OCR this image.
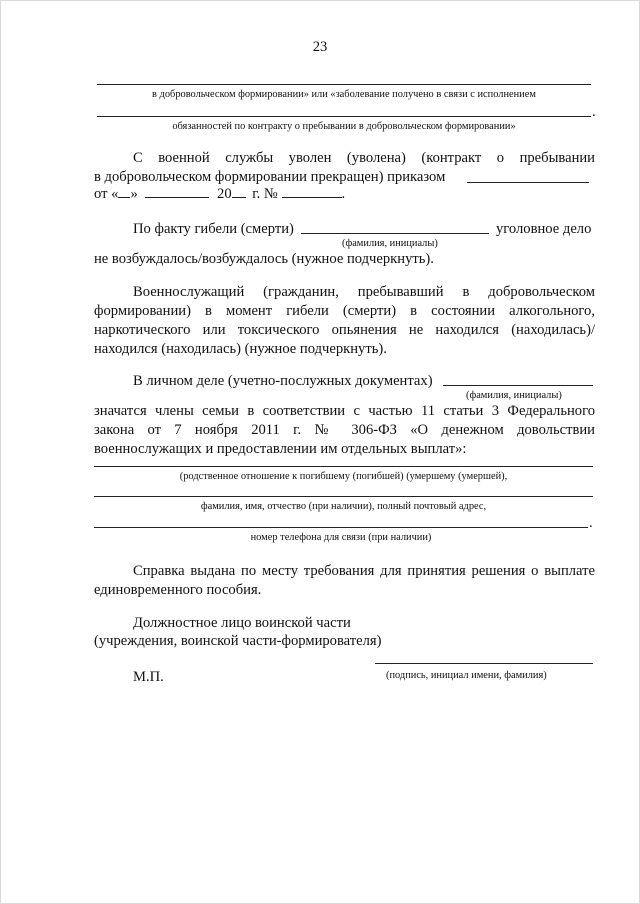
23
в добровольческом формировании» или «заболевание получено в связи с исполнением
.
обязанностей по контракту о пребывании в добровольческом формировании»
С военной службы уволен (уволена) (контракт о пребывании
в добровольческом формировании прекращен) приказом
от « »	20 г. №	.
По факту гибели (смерти)	уголовное дело
(фамилия, инициалы)
не возбуждалось/возбуждалось (нужное подчеркнуть).
Военнослужащий (гражданин, пребывавший в добровольческом
формировании) в момент гибели (смерти) в состоянии алкогольного,
наркотического или токсического опьянения не находился (находилась)/
находился (находилась) (нужное подчеркнуть).
В личном деле (учетно-послужных документах)
(фамилия, инициалы)
значатся члены семьи в соответствии с частью 11 статьи 3 Федерального
закона от 7 ноября 2011 г. № 306-ФЗ «О денежном довольствии
военнослужащих и предоставлении им отдельных выплат»:
(родственное отношение к погибшему (погибшей) (умершему (умершей),
фамилия, имя, отчество (при наличии), полный почтовый адрес,
.
номер телефона для связи (при наличии)
Справка выдана по месту требования для принятия решения о выплате
единовременного пособия.
Должностное лицо воинской части
(учреждения, воинской части-формирователя)
М.П.	(подпись, инициал имени, фамилия)
